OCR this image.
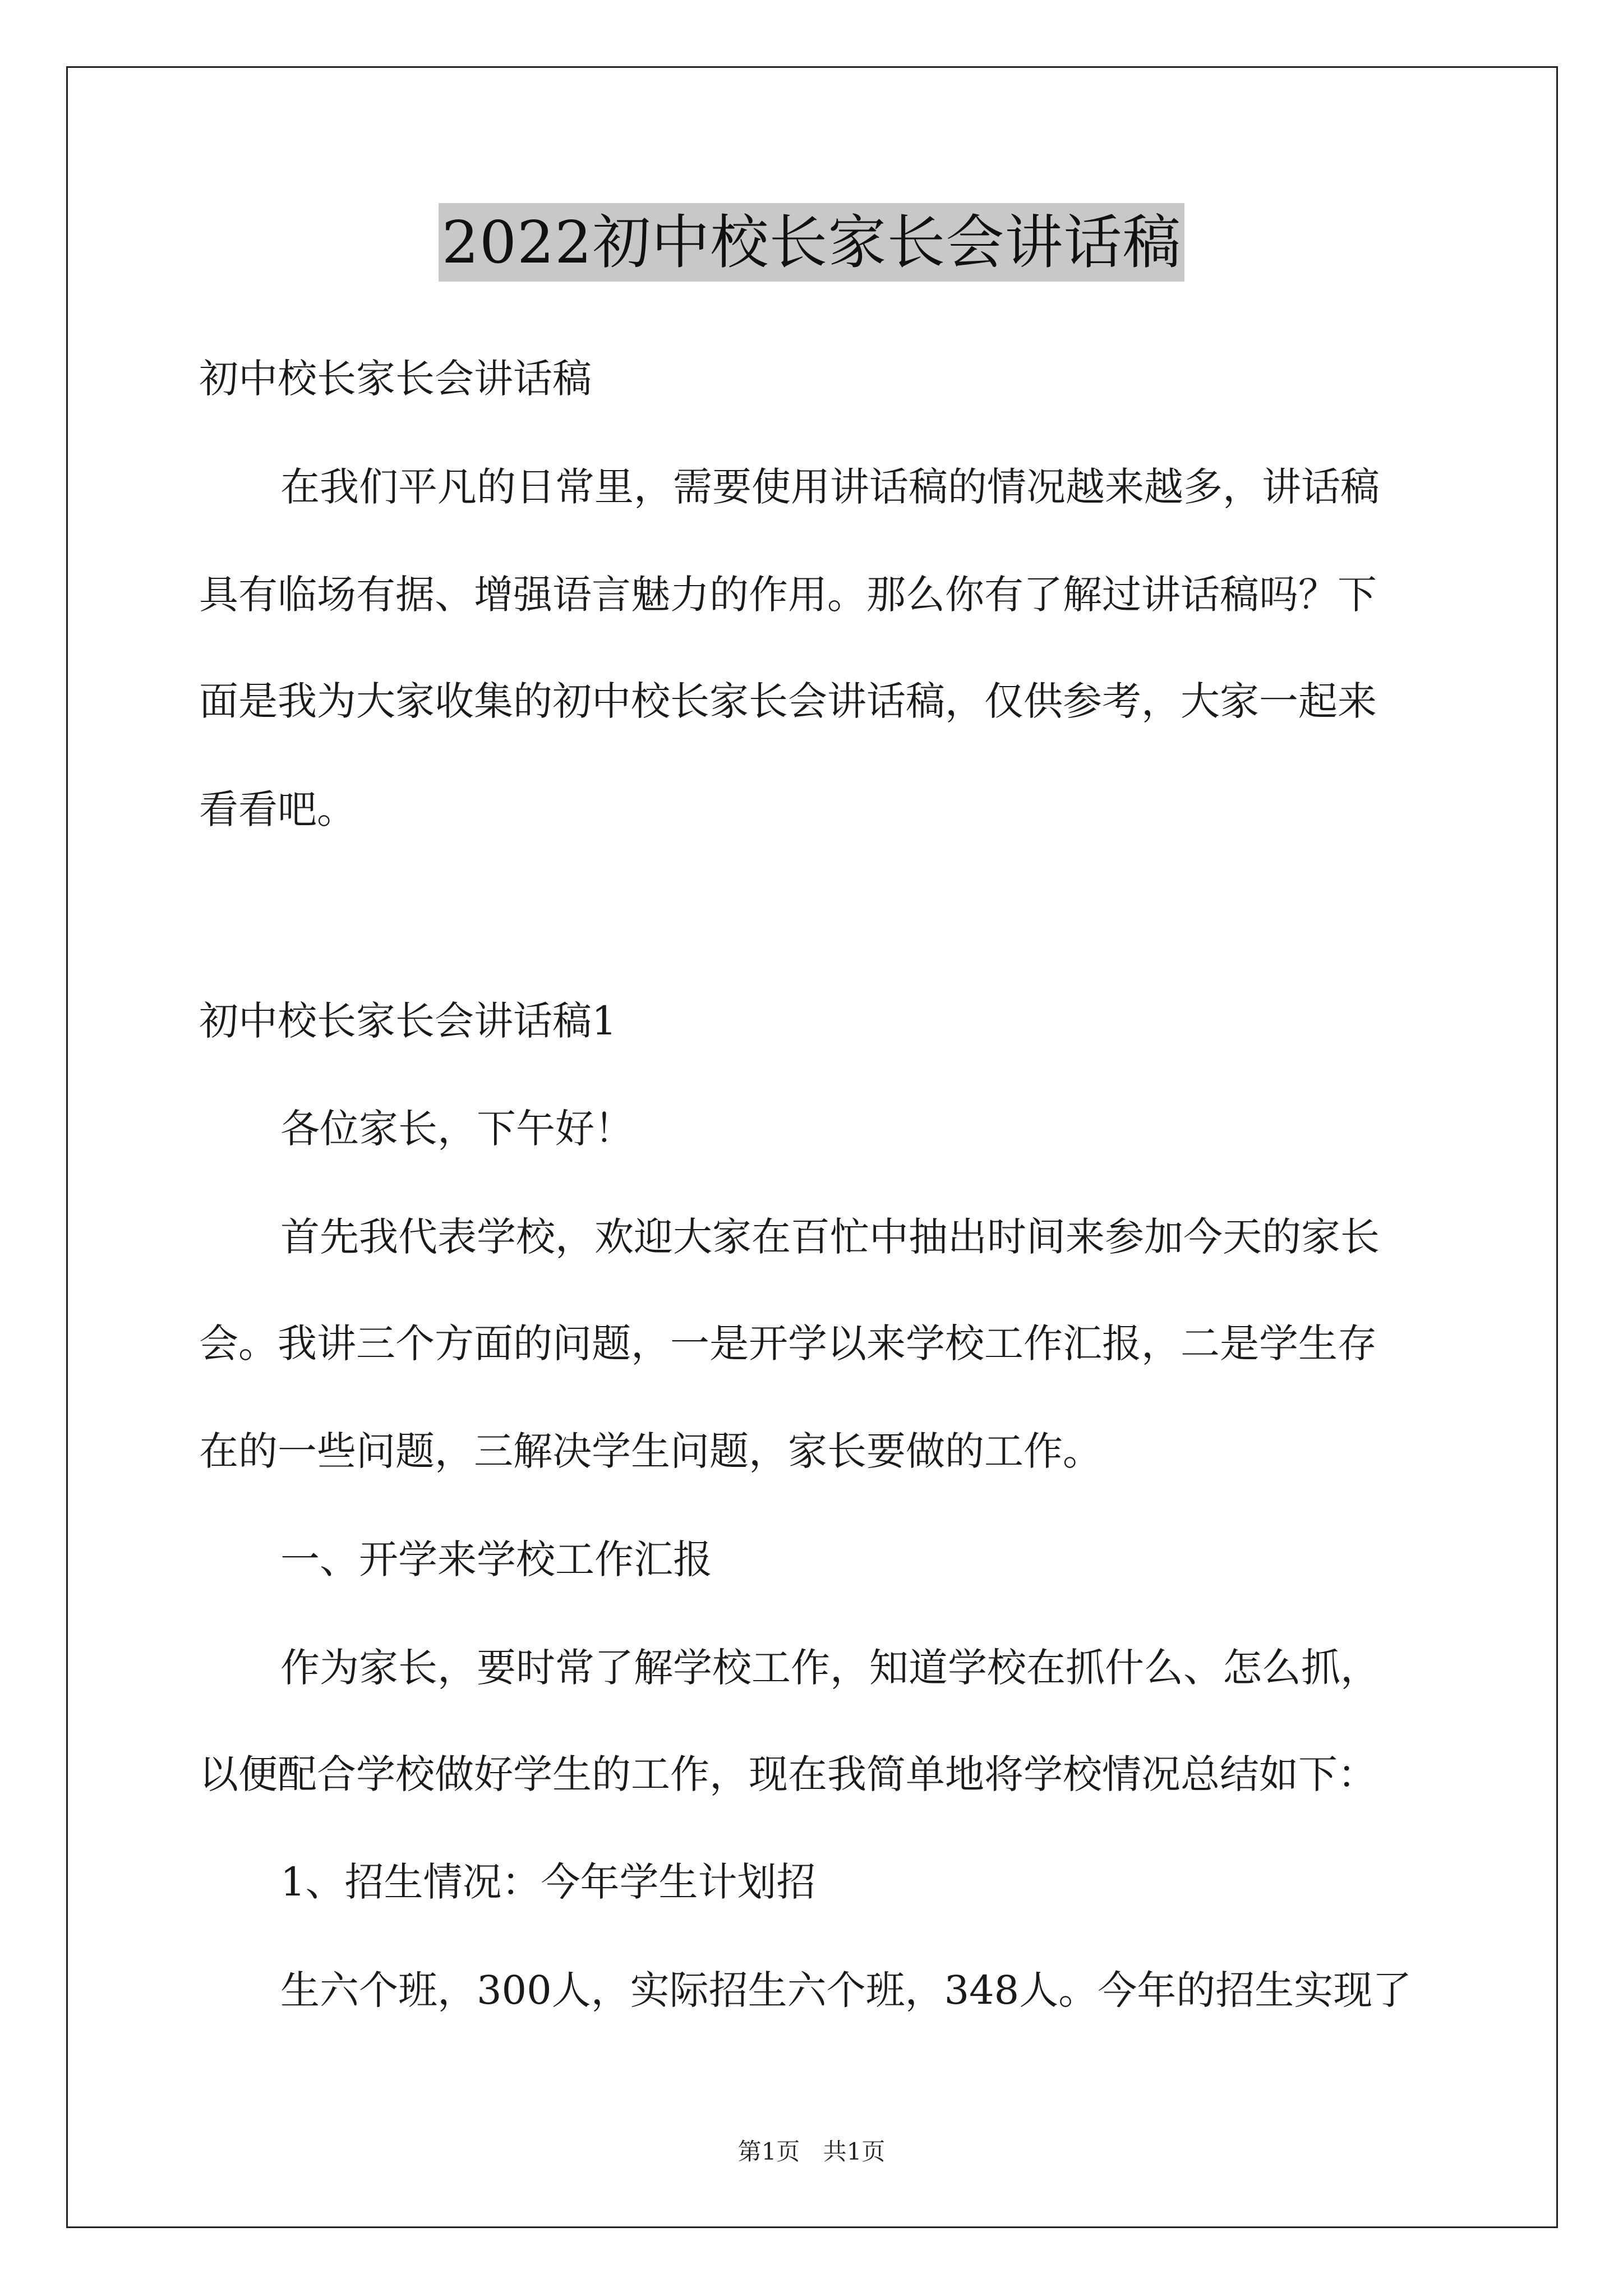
2022初中校长家长会讲话稿
初中校长家长会讲话稿
在我们平凡的日常里，需要使用讲话稿的情况越来越多，讲话稿
具有临场有据、增强语言魅力的作用。那么你有了解过讲话稿吗？下
面是我为大家收集的初中校长家长会讲话稿，仅供参考，大家一起来
看看吧。
初中校长家长会讲话稿1
各位家长，下午好！
首先我代表学校，欢迎大家在百忙中抽出时间来参加今天的家长
会。我讲三个方面的问题，一是开学以来学校工作汇报，二是学生存
在的一些问题，三解决学生问题，家长要做的工作。
一、开学来学校工作汇报
作为家长，要时常了解学校工作，知道学校在抓什么、怎么抓，
以便配合学校做好学生的工作，现在我简单地将学校情况总结如下：
1、招生情况：今年学生计划招
生六个班，300人，实际招生六个班，348人。今年的招生实现了
第1页 共1页
